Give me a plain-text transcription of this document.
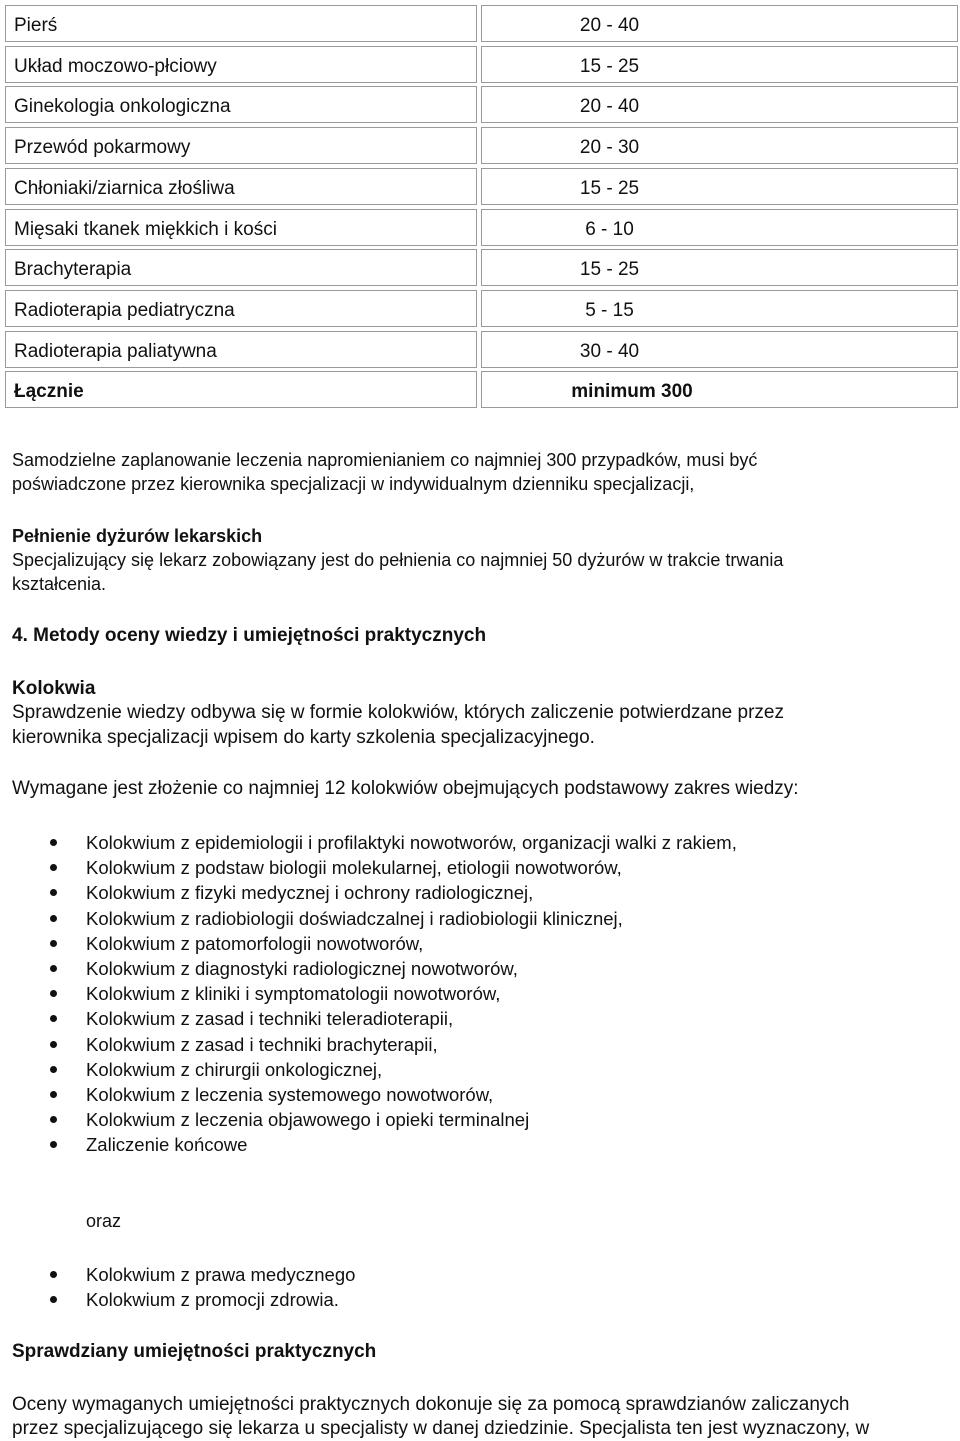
Pierś	20 - 40
Układ moczowo-płciowy	15 - 25
Ginekologia onkologiczna	20 - 40
Przewód pokarmowy	20 - 30
Chłoniaki/ziarnica złośliwa	15 - 25
Mięsaki tkanek miękkich i kości	6 - 10
Brachyterapia	15 - 25
Radioterapia pediatryczna	5 - 15
Radioterapia paliatywna	30 - 40
Łącznie	minimum 300
Samodzielne zaplanowanie leczenia napromienianiem co najmniej 300 przypadków, musi być
poświadczone przez kierownika specjalizacji w indywidualnym dzienniku specjalizacji,
Pełnienie dyżurów lekarskich
Specjalizujący się lekarz zobowiązany jest do pełnienia co najmniej 50 dyżurów w trakcie trwania
kształcenia.
4. Metody oceny wiedzy i umiejętności praktycznych
Kolokwia
Sprawdzenie wiedzy odbywa się w formie kolokwiów, których zaliczenie potwierdzane przez
kierownika specjalizacji wpisem do karty szkolenia specjalizacyjnego.
Wymagane jest złożenie co najmniej 12 kolokwiów obejmujących podstawowy zakres wiedzy:
Kolokwium z epidemiologii i profilaktyki nowotworów, organizacji walki z rakiem,
Kolokwium z podstaw biologii molekularnej, etiologii nowotworów,
Kolokwium z fizyki medycznej i ochrony radiologicznej,
Kolokwium z radiobiologii doświadczalnej i radiobiologii klinicznej,
Kolokwium z patomorfologii nowotworów,
Kolokwium z diagnostyki radiologicznej nowotworów,
Kolokwium z kliniki i symptomatologii nowotworów,
Kolokwium z zasad i techniki teleradioterapii,
Kolokwium z zasad i techniki brachyterapii,
Kolokwium z chirurgii onkologicznej,
Kolokwium z leczenia systemowego nowotworów,
Kolokwium z leczenia objawowego i opieki terminalnej
Zaliczenie końcowe
oraz
Kolokwium z prawa medycznego
Kolokwium z promocji zdrowia.
Sprawdziany umiejętności praktycznych
Oceny wymaganych umiejętności praktycznych dokonuje się za pomocą sprawdzianów zaliczanych
przez specjalizującego się lekarza u specjalisty w danej dziedzinie. Specjalista ten jest wyznaczony, w
